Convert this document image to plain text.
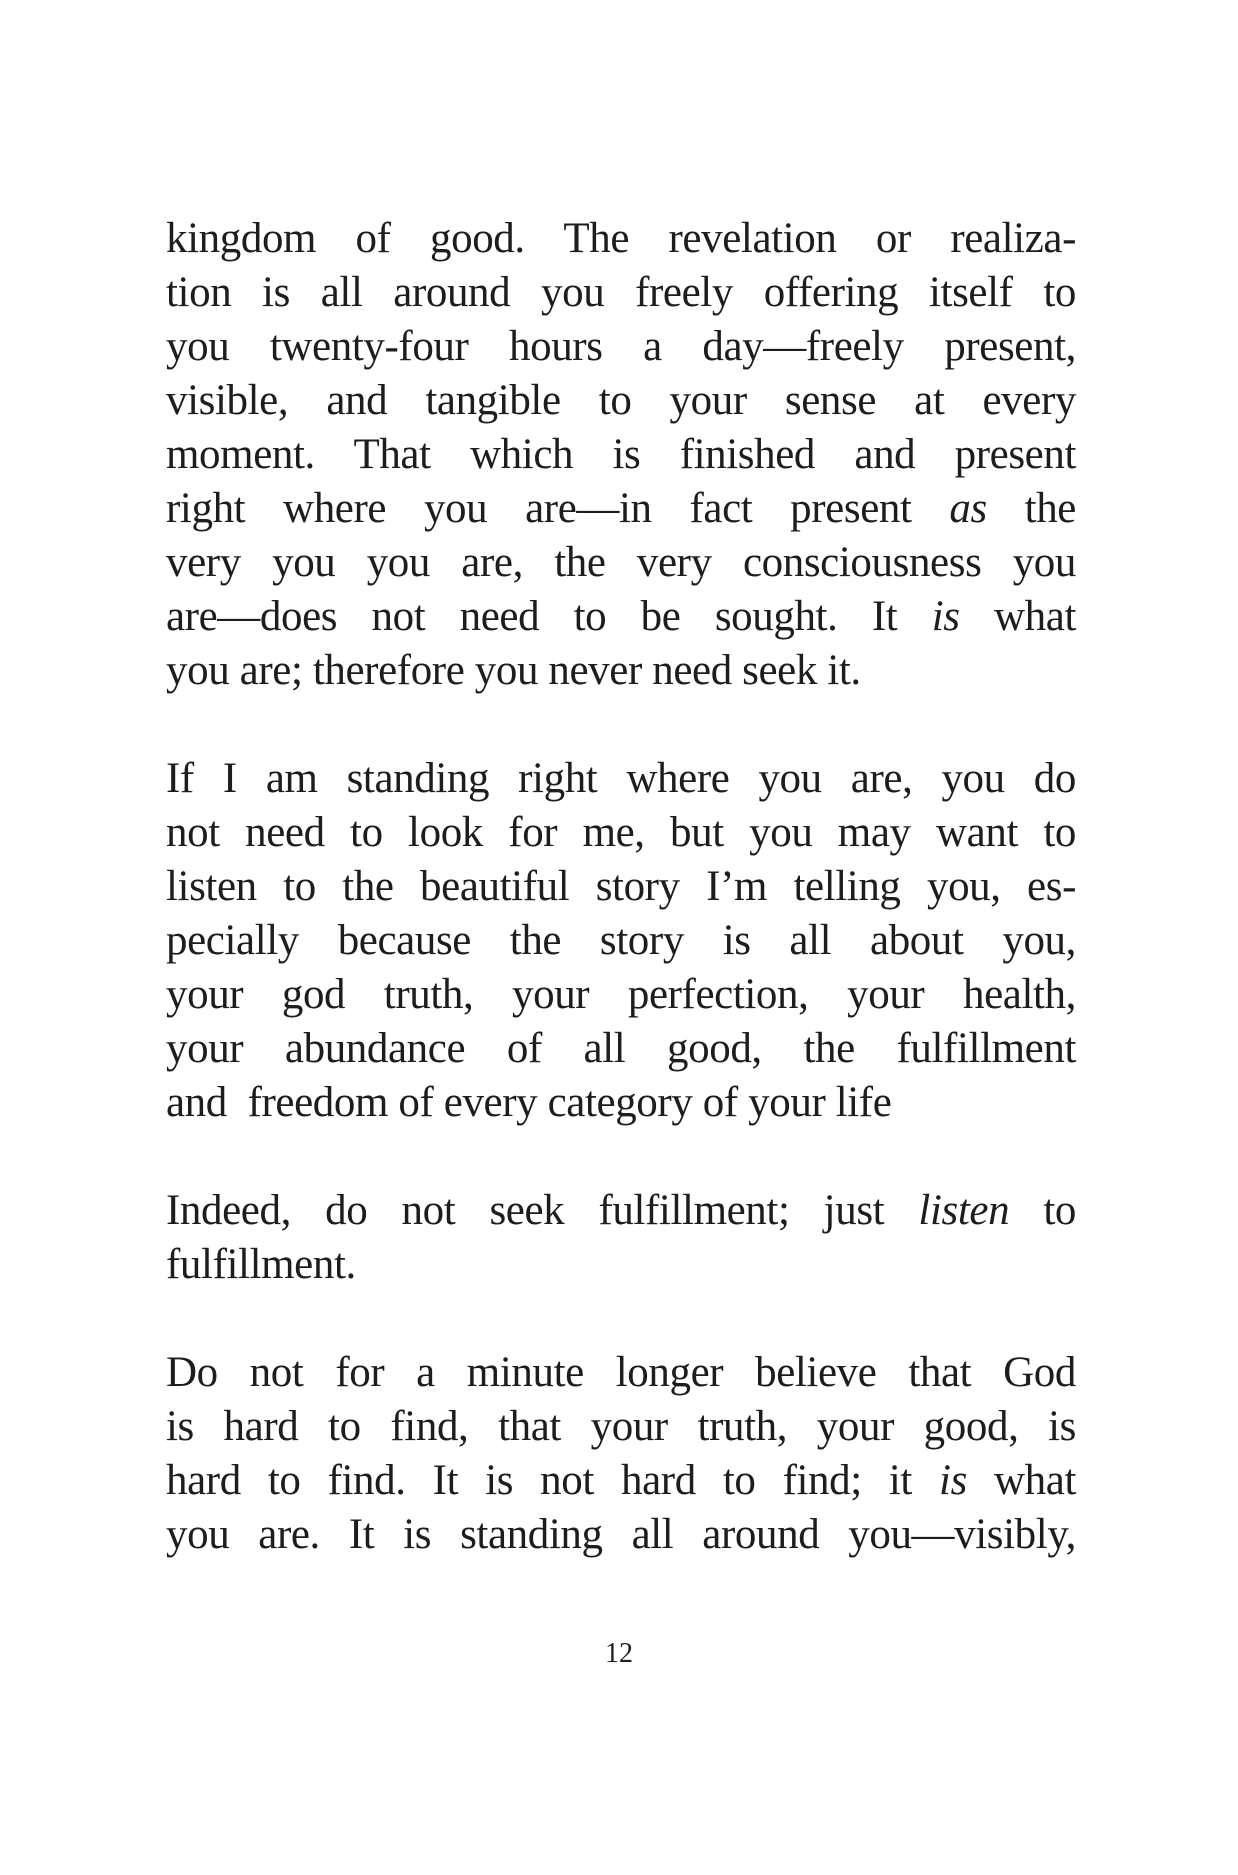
kingdom of good. The revelation or realiza-
tion is all around you freely offering itself to
you twenty-four hours a day—freely present,
visible, and tangible to your sense at every
moment. That which is finished and present
right where you are—in fact present as the
very you you are, the very consciousness you
are—does not need to be sought. It is what
you are; therefore you never need seek it.
If I am standing right where you are, you do
not need to look for me, but you may want to
listen to the beautiful story I’m telling you, es-
pecially because the story is all about you,
your god truth, your perfection, your health,
your abundance of all good, the fulfillment
and  freedom of every category of your life
Indeed, do not seek fulfillment; just listen to
fulfillment.
Do not for a minute longer believe that God
is hard to find, that your truth, your good, is
hard to find. It is not hard to find; it is what
you are. It is standing all around you—visibly,
12
